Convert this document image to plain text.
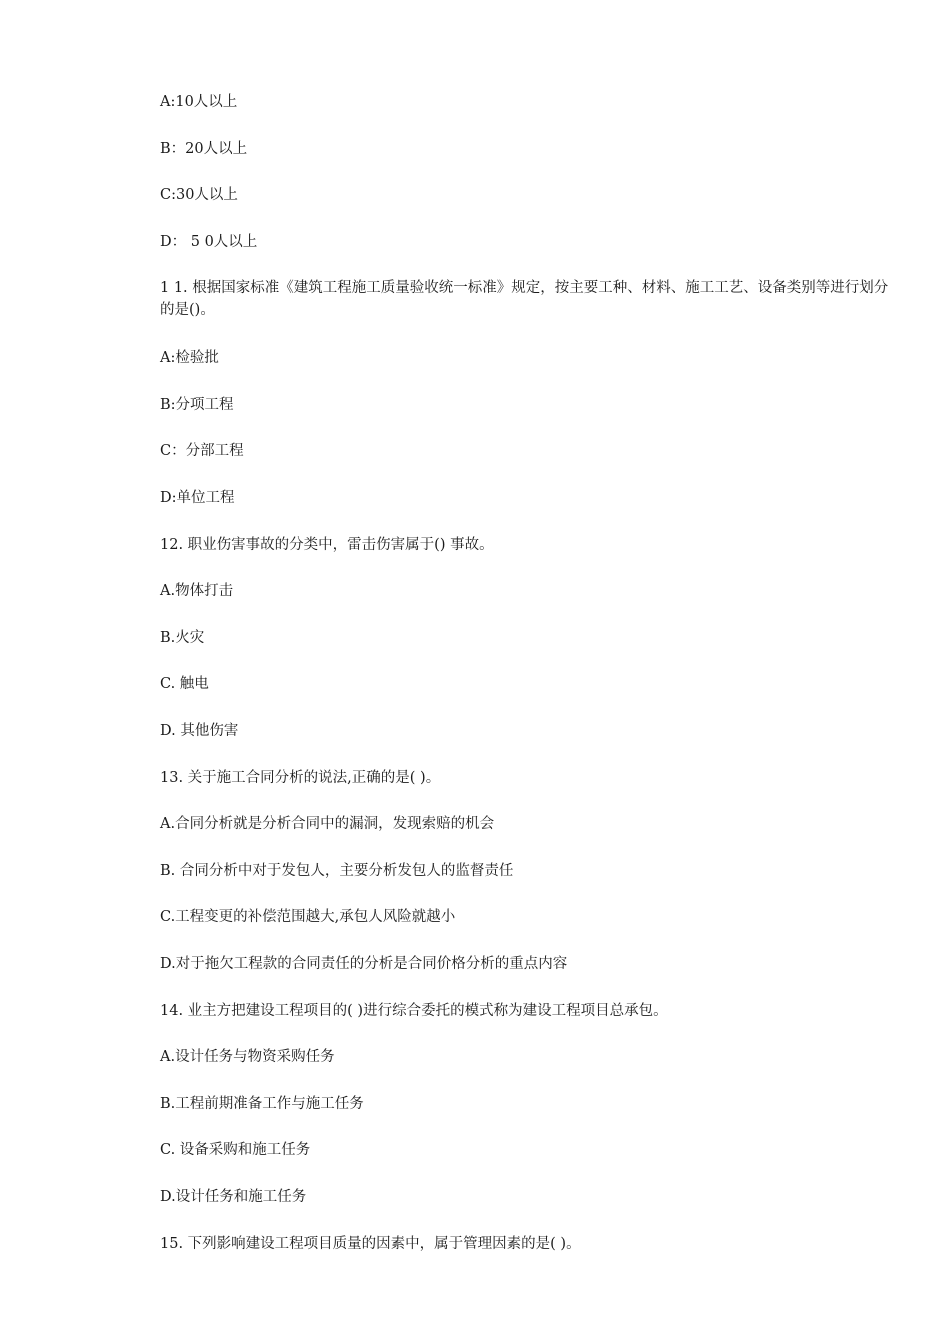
A:10人以上
B：20人以上
C:30人以上
D： 5 0人以上
1 1. 根据国家标准《建筑工程施工质量验收统一标准》规定，按主要工种、材料、施工工艺、设备类别等进行划分的是()。
A:检验批
B:分项工程
C：分部工程
D:单位工程
12. 职业伤害事故的分类中，雷击伤害属于() 事故。
A.物体打击
B.火灾
C. 触电
D. 其他伤害
13. 关于施工合同分析的说法,正确的是( )。
A.合同分析就是分析合同中的漏洞，发现索赔的机会
B. 合同分析中对于发包人，主要分析发包人的监督责任
C.工程变更的补偿范围越大,承包人风险就越小
D.对于拖欠工程款的合同责任的分析是合同价格分析的重点内容
14. 业主方把建设工程项目的( )进行综合委托的模式称为建设工程项目总承包。
A.设计任务与物资采购任务
B.工程前期准备工作与施工任务
C. 设备采购和施工任务
D.设计任务和施工任务
15. 下列影响建设工程项目质量的因素中，属于管理因素的是( )。
